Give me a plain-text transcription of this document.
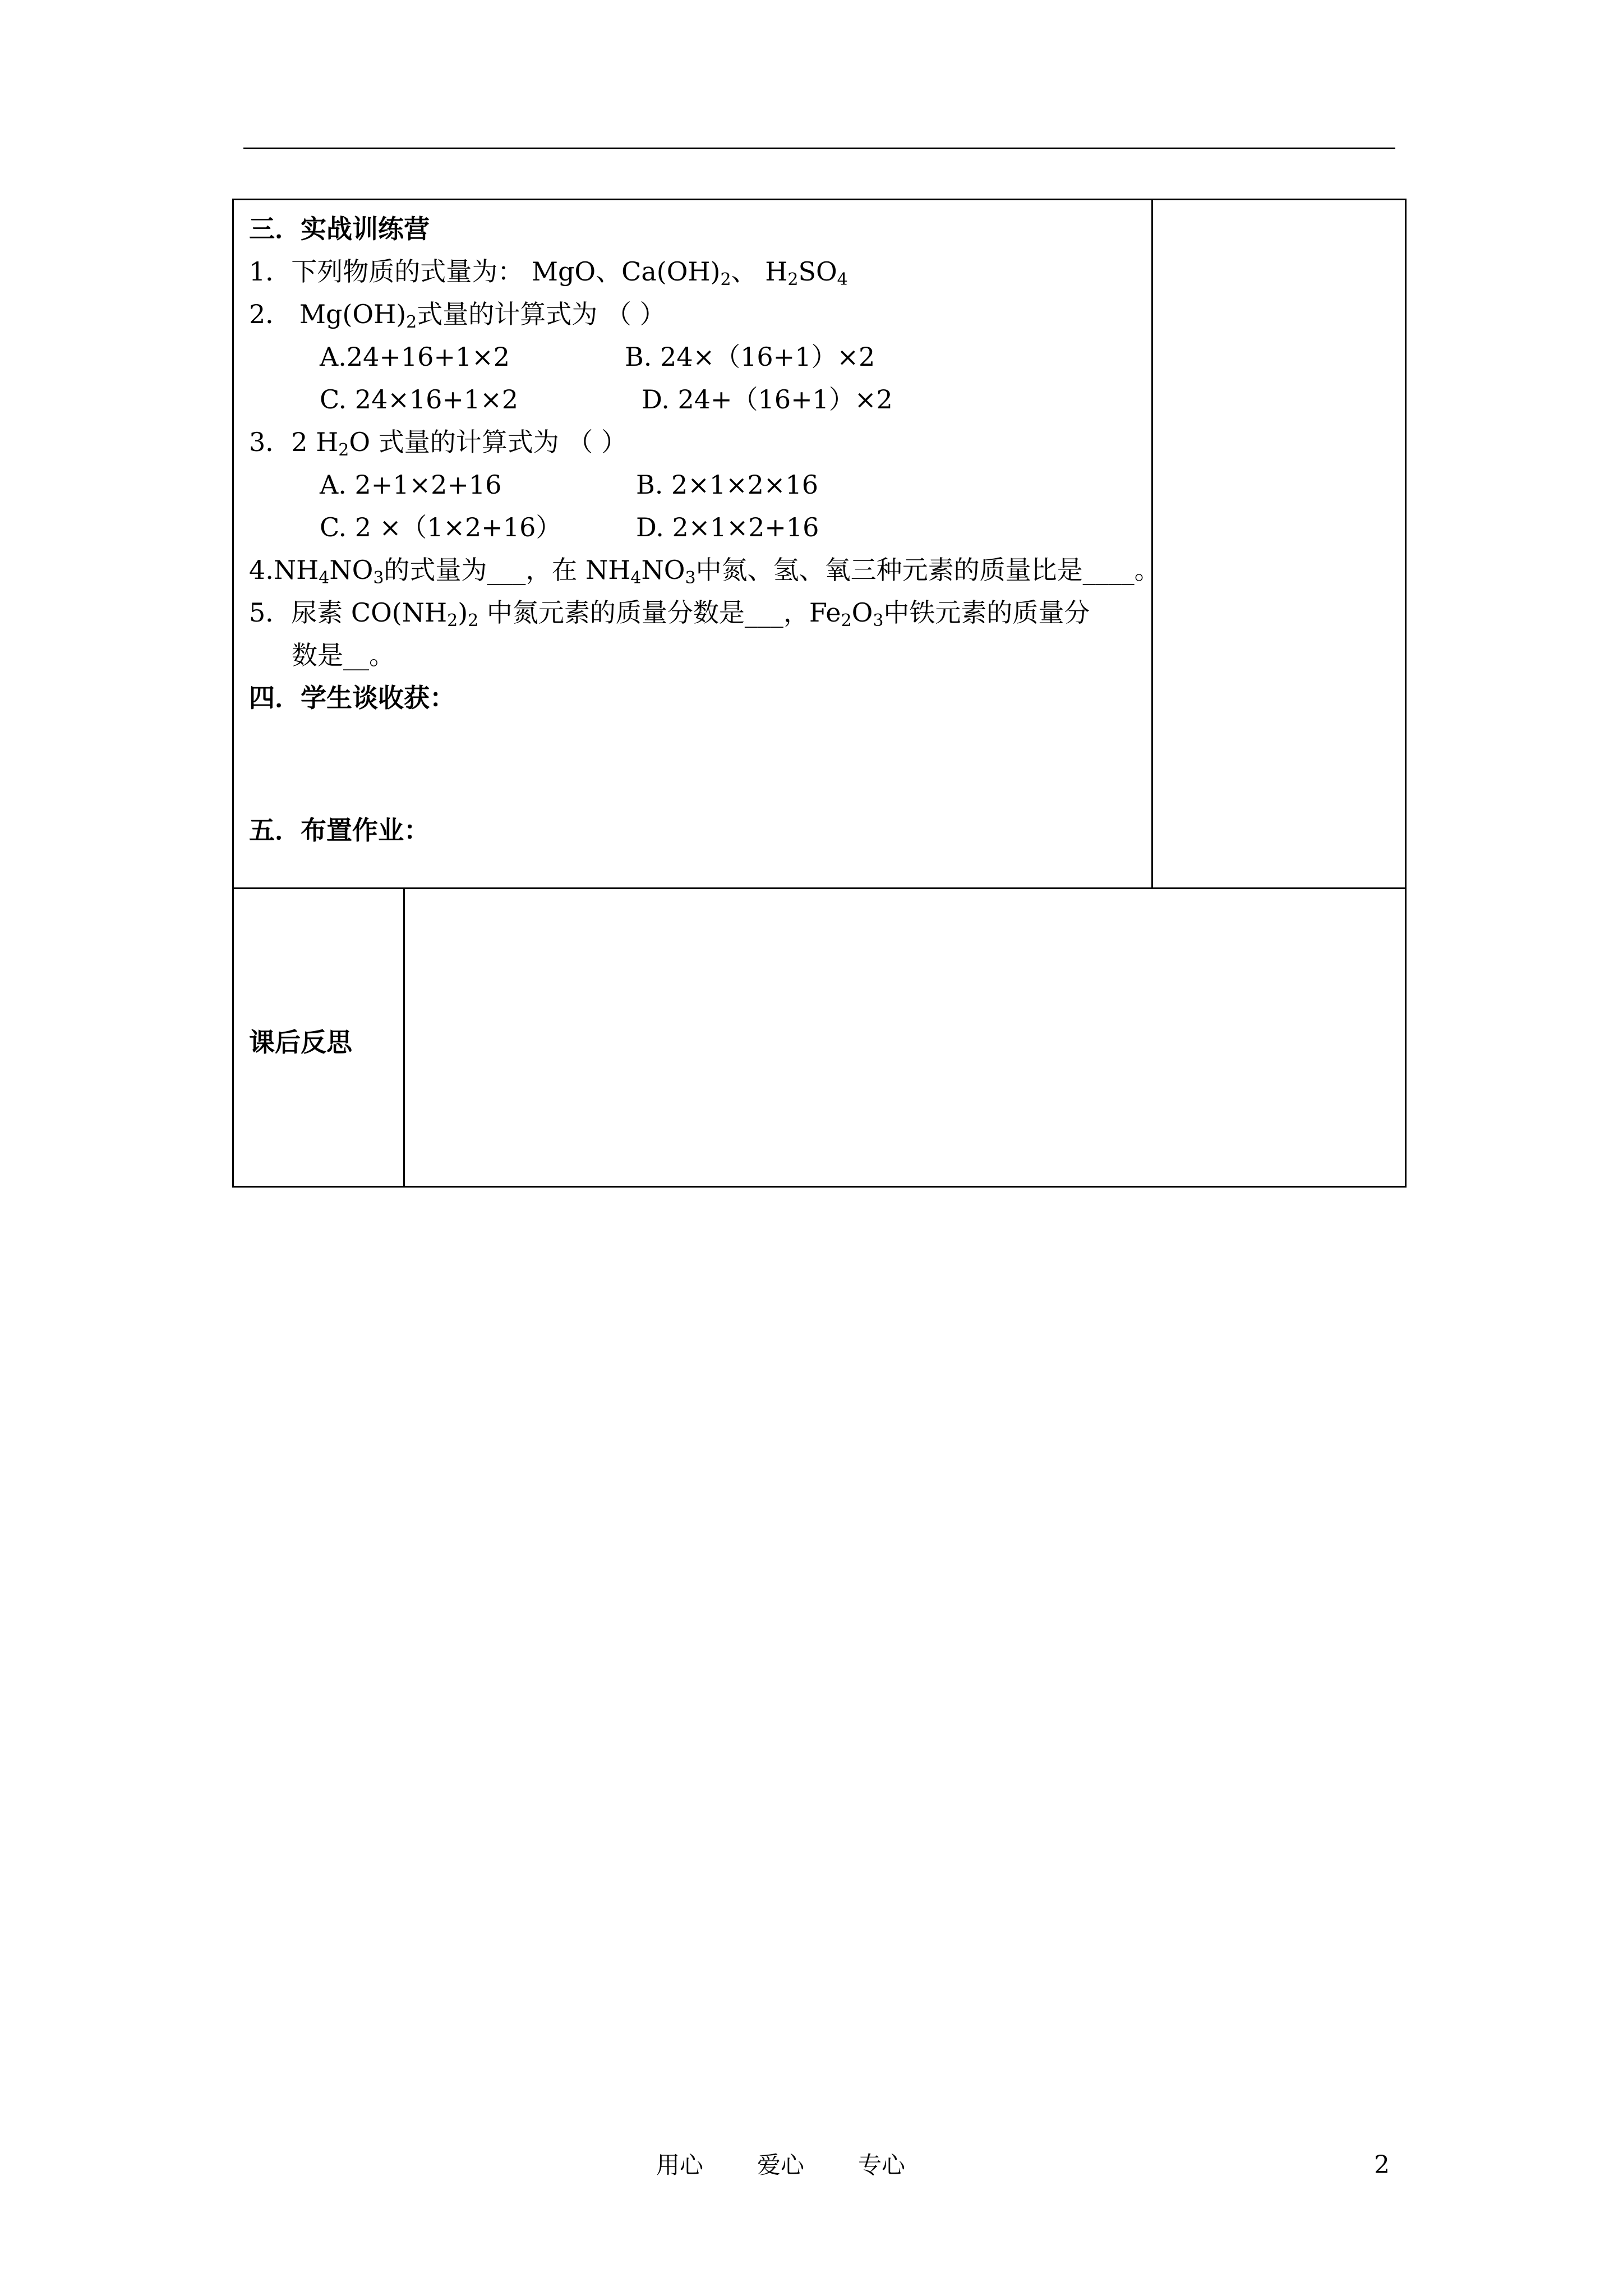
三．实战训练营
1．下列物质的式量为： MgO、$Ca(OH)_2$、 $H_2SO_4$
2． $Mg(OH)_2$式量的计算式为 （ ）
A.24+16+1×2	B. 24×（16+1）×2
C. 24×16+1×2	D. 24+（16+1）×2
3．2 $H_2O$ 式量的计算式为 （ ）
A. 2+1×2+16	B. 2×1×2×16
C. 2 ×（1×2+16）	D. 2×1×2+16
$4.NH_4NO_3$的式量为___，在 $NH_4NO_3$中氮、氢、氧三种元素的质量比是____。
5．尿素 $CO(NH_2)_2$ 中氮元素的质量分数是___，$Fe_2O_3$中铁元素的质量分
数是__。
四．学生谈收获：
五．布置作业：
课后反思
用心 爱心 专心	2
